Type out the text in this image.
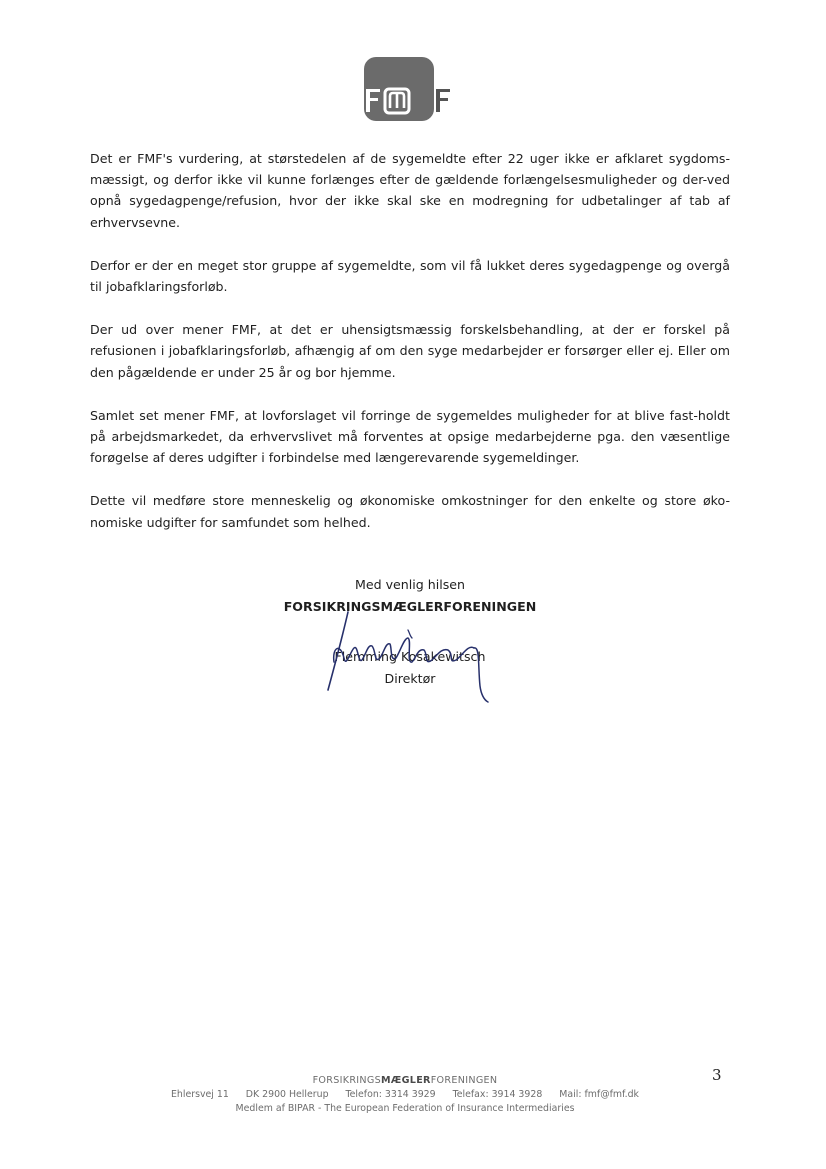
Det er FMF's vurdering, at størstedelen af de sygemeldte efter 22 uger ikke er afklaret sygdoms-mæssigt, og derfor ikke vil kunne forlænges efter de gældende forlængelsesmuligheder og der-ved opnå sygedagpenge/refusion, hvor der ikke skal ske en modregning for udbetalinger af tab af erhvervsevne.

Derfor er der en meget stor gruppe af sygemeldte, som vil få lukket deres sygedagpenge og overgå til jobafklaringsforløb.

Der ud over mener FMF, at det er uhensigtsmæssig forskelsbehandling, at der er forskel på refusionen i jobafklaringsforløb, afhængig af om den syge medarbejder er forsørger eller ej. Eller om den pågældende er under 25 år og bor hjemme.

Samlet set mener FMF, at lovforslaget vil forringe de sygemeldes muligheder for at blive fast-holdt på arbejdsmarkedet, da erhvervslivet må forventes at opsige medarbejderne pga. den væsentlige forøgelse af deres udgifter i forbindelse med længerevarende sygemeldinger.

Dette vil medføre store menneskelig og økonomiske omkostninger for den enkelte og store øko-nomiske udgifter for samfundet som helhed.

Med venlig hilsen
FORSIKRINGSMÆGLERFORENINGEN
Flemming Kosakewitsch
Direktør
3
FORSIKRINGSMÆGLERFORENINGEN
Ehlersvej 11 DK 2900 Hellerup Telefon: 3314 3929 Telefax: 3914 3928 Mail: fmf@fmf.dk
Medlem af BIPAR - The European Federation of Insurance Intermediaries
